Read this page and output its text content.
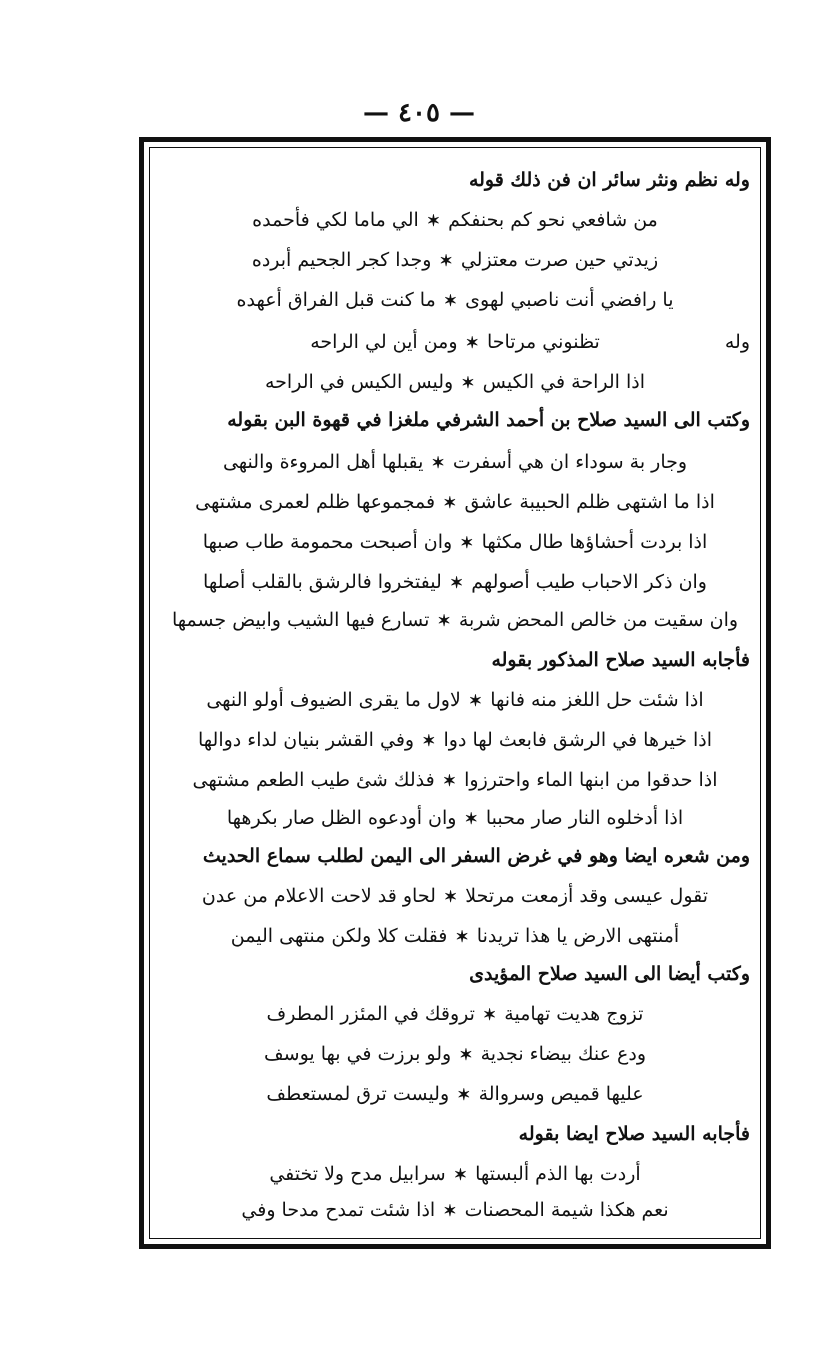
— ٤٠٥ —
وله نظم ونثر سائر ان فن ذلك قوله
من شافعي نحو كم بحنفكم
✶
الي ماما لكي فأحمده
زيدتي حين صرت معتزلي
✶
وجدا كجر الجحيم أبرده
يا رافضي أنت ناصبي لهوى
✶
ما كنت قبل الفراق أعهده
وله
تظنوني مرتاحا
✶
ومن أين لي الراحه
اذا الراحة في الكيس
✶
وليس الكيس في الراحه
وكتب الى السيد صلاح بن أحمد الشرفي ملغزا في قهوة البن بقوله
وجار بة سوداء ان هي أسفرت
✶
يقبلها أهل المروءة والنهى
اذا ما اشتهى ظلم الحبيبة عاشق
✶
فمجموعها ظلم لعمرى مشتهى
اذا بردت أحشاؤها طال مكثها
✶
وان أصبحت محمومة طاب صبها
وان ذكر الاحباب طيب أصولهم
✶
ليفتخروا فالرشق بالقلب أصلها
وان سقيت من خالص المحض شربة
✶
تسارع فيها الشيب وابيض جسمها
فأجابه السيد صلاح المذكور بقوله
اذا شئت حل اللغز منه فانها
✶
لاول ما يقرى الضيوف أولو النهى
اذا خيرها في الرشق فابعث لها دوا
✶
وفي القشر بنيان لداء دوالها
اذا حدقوا من ابنها الماء واحترزوا
✶
فذلك شئ طيب الطعم مشتهى
اذا أدخلوه النار صار محببا
✶
وان أودعوه الظل صار بكرهها
ومن شعره ايضا وهو في غرض السفر الى اليمن لطلب سماع الحديث
تقول عيسى وقد أزمعت مرتحلا
✶
لحاو قد لاحت الاعلام من عدن
أمنتهى الارض يا هذا تريدنا
✶
فقلت كلا ولكن منتهى اليمن
وكتب أيضا الى السيد صلاح المؤيدى
تزوج هديت تهامية
✶
تروقك في المئزر المطرف
ودع عنك بيضاء نجدية
✶
ولو برزت في بها يوسف
عليها قميص وسروالة
✶
وليست ترق لمستعطف
فأجابه السيد صلاح ايضا بقوله
أردت بها الذم ألبستها
✶
سرابيل مدح ولا تختفي
نعم هكذا شيمة المحصنات
✶
اذا شئت تمدح مدحا وفي
